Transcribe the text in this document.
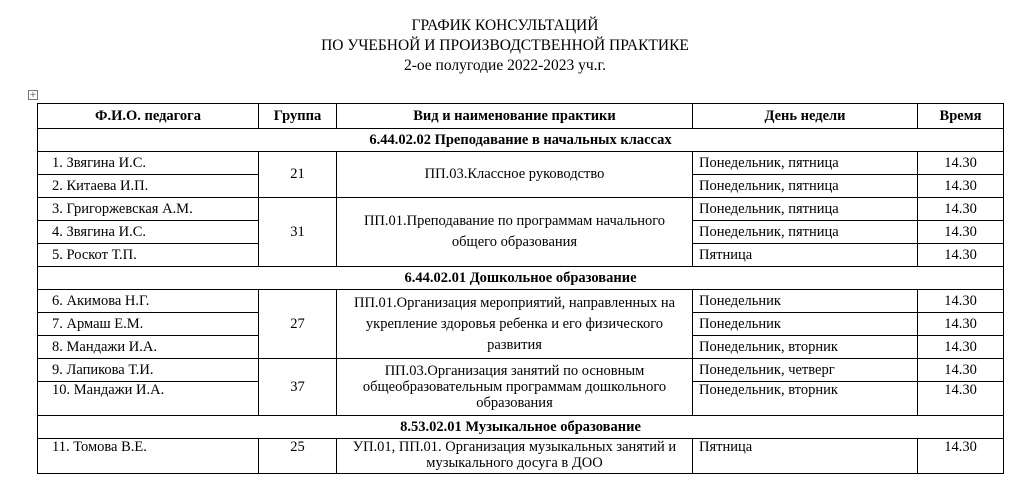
ГРАФИК КОНСУЛЬТАЦИЙ
ПО УЧЕБНОЙ И ПРОИЗВОДСТВЕННОЙ ПРАКТИКЕ
2-ое полугодие 2022-2023 уч.г.
+
Ф.И.О. педагога	Группа	Вид и наименование практики	День недели	Время
6.44.02.02 Преподавание в начальных классах				
1. Звягина И.С.	21	ПП.03.Классное руководство	Понедельник, пятница	14.30
2. Китаева И.П.			Понедельник, пятница	14.30
3. Григоржевская А.М.	31	ПП.01.Преподавание по программам начального общего образования	Понедельник, пятница	14.30
4. Звягина И.С.			Понедельник, пятница	14.30
5. Роскот Т.П.			Пятница	14.30
6.44.02.01 Дошкольное образование				
6. Акимова Н.Г.	27	ПП.01.Организация мероприятий, направленных на укрепление здоровья ребенка и его физического развития	Понедельник	14.30
7. Армаш Е.М.			Понедельник	14.30
8. Мандажи И.А.			Понедельник, вторник	14.30
9. Лапикова Т.И.	37	ПП.03.Организация занятий по основным общеобразовательным программам дошкольного образования	Понедельник, четверг	14.30
10. Мандажи И.А.			Понедельник, вторник	14.30
8.53.02.01 Музыкальное образование				
11. Томова В.Е.	25	УП.01, ПП.01. Организация музыкальных занятий и музыкального досуга в ДОО	Пятница	14.30
